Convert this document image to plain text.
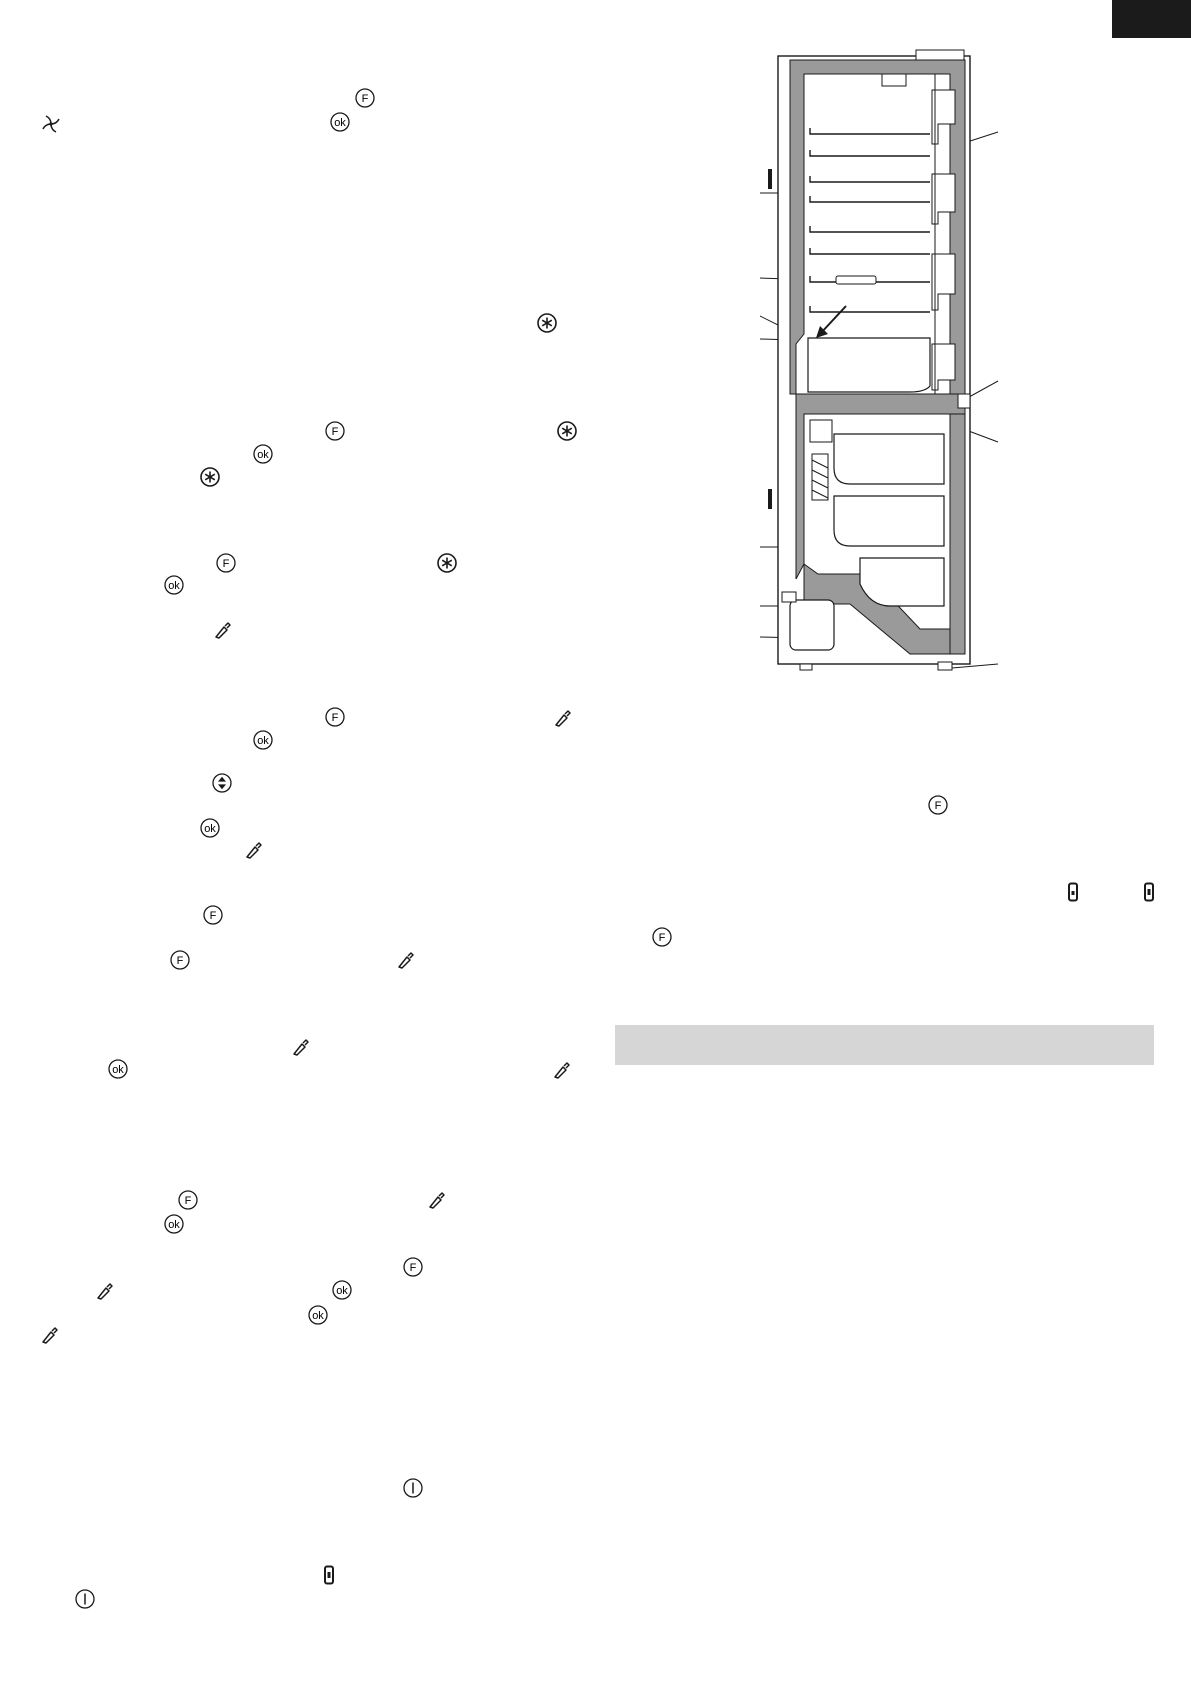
F
ok
F
ok
F
ok
F
ok
ok
F
F
ok
F
ok
F
ok
ok
F
F
